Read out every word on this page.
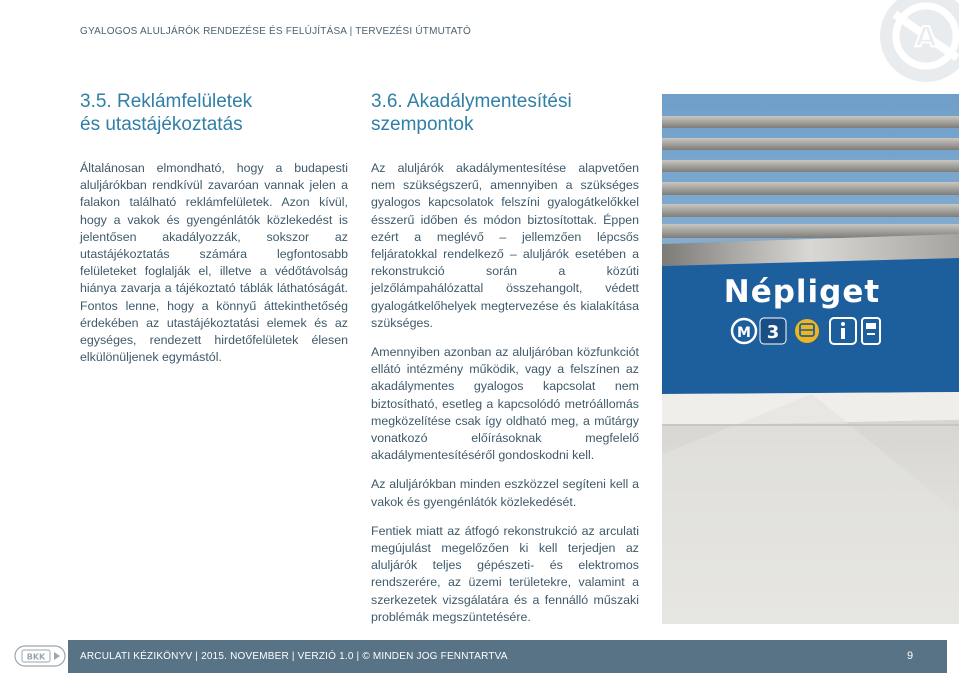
GYALOGOS ALULJÁRÓK RENDEZÉSE ÉS FELÚJÍTÁSA | TERVEZÉSI ÚTMUTATÓ	A
3.5. Reklámfelületek
és utastájékoztatás

Általánosan elmondható, hogy a budapesti aluljárókban rendkívül zavaróan vannak jelen a falakon található reklámfelületek. Azon kívül, hogy a vakok és gyengénlátók közlekedést is jelentősen akadályozzák, sokszor az utastájékoztatás számára legfontosabb felületeket foglalják el, illetve a védőtávolság hiánya zavarja a tájékoztató táblák láthatóságát. Fontos lenne, hogy a könnyű áttekinthetőség érdekében az utastájékoztatási elemek és az egységes, rendezett hirdetőfelületek élesen elkülönüljenek egymástól.

3.6. Akadálymentesítési
szempontok

Az aluljárók akadálymentesítése alapvetően nem szükségszerű, amennyiben a szükséges gyalogos kapcsolatok felszíni gyalogátkelőkkel ésszerű időben és módon biztosítottak. Éppen ezért a meglévő – jellemzően lépcsős feljáratokkal rendelkező – aluljárók esetében a rekonstrukció során a közúti jelzőlámpahálózattal összehangolt, védett gyalogátkelőhelyek megtervezése és kialakítása szükséges.

Amennyiben azonban az aluljáróban közfunkciót ellátó intézmény működik, vagy a felszínen az akadálymentes gyalogos kapcsolat nem biztosítható, esetleg a kapcsolódó metróállomás megközelítése csak így oldható meg, a műtárgy vonatkozó előírásoknak megfelelő akadálymentesítéséről gondoskodni kell.

Az aluljárókban minden eszközzel segíteni kell a vakok és gyengénlátók közlekedését.

Fentiek miatt az átfogó rekonstrukció az arculati megújulást megelőzően ki kell terjedjen az aluljárók teljes gépészeti- és elektromos rendszerére, az üzemi területekre, valamint a szerkezetek vizsgálatára és a fennálló műszaki problémák megszüntetésére.

Népliget
M 3
BKK	ARCULATI KÉZIKÖNYV | 2015. NOVEMBER | VERZIÓ 1.0 | © MINDEN JOG FENNTARTVA	9
